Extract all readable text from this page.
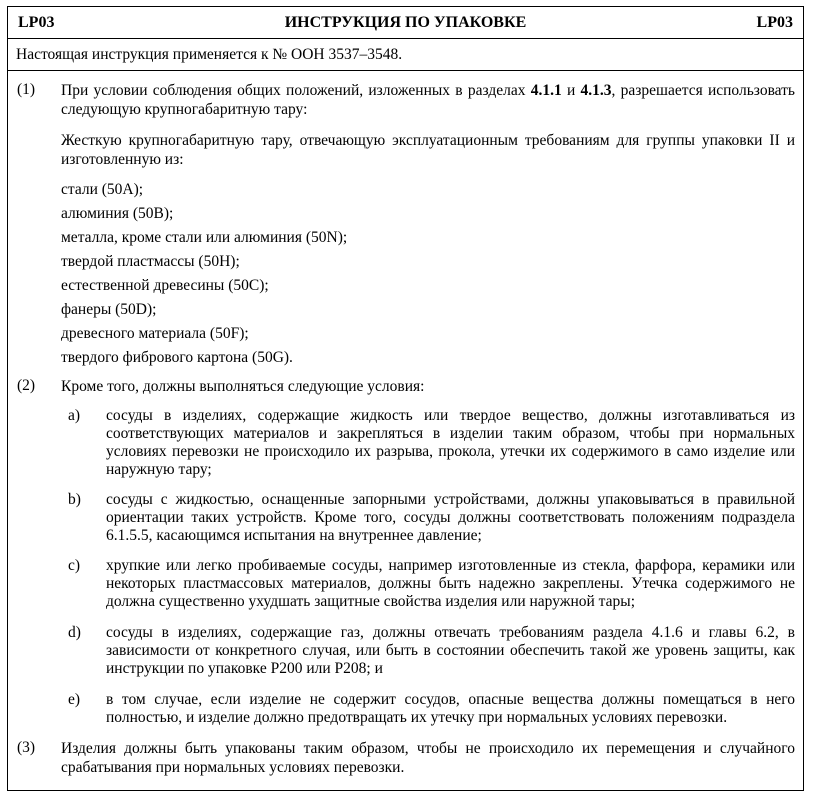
ИНСТРУКЦИЯ ПО УПАКОВКЕ
LP03	LP03
Настоящая инструкция применяется к № ООН 3537–3548.
(1) При условии соблюдения общих положений, изложенных в разделах 4.1.1 и 4.1.3, разрешается использовать следующую крупногабаритную тару:
Жесткую крупногабаритную тару, отвечающую эксплуатационным требованиям для группы упаковки II и изготовленную из:
стали (50A);
алюминия (50B);
металла, кроме стали или алюминия (50N);
твердой пластмассы (50H);
естественной древесины (50C);
фанеры (50D);
древесного материала (50F);
твердого фибрового картона (50G).
(2) Кроме того, должны выполняться следующие условия:
a) сосуды в изделиях, содержащие жидкость или твердое вещество, должны изготавливаться из соответствующих материалов и закрепляться в изделии таким образом, чтобы при нормальных условиях перевозки не происходило их разрыва, прокола, утечки их содержимого в само изделие или наружную тару;
b) сосуды с жидкостью, оснащенные запорными устройствами, должны упаковываться в правильной ориентации таких устройств. Кроме того, сосуды должны соответствовать положениям подраздела 6.1.5.5, касающимся испытания на внутреннее давление;
c) хрупкие или легко пробиваемые сосуды, например изготовленные из стекла, фарфора, керамики или некоторых пластмассовых материалов, должны быть надежно закреплены. Утечка содержимого не должна существенно ухудшать защитные свойства изделия или наружной тары;
d) сосуды в изделиях, содержащие газ, должны отвечать требованиям раздела 4.1.6 и главы 6.2, в зависимости от конкретного случая, или быть в состоянии обеспечить такой же уровень защиты, как инструкции по упаковке P200 или P208; и
e) в том случае, если изделие не содержит сосудов, опасные вещества должны помещаться в него полностью, и изделие должно предотвращать их утечку при нормальных условиях перевозки.
(3) Изделия должны быть упакованы таким образом, чтобы не происходило их перемещения и случайного срабатывания при нормальных условиях перевозки.
